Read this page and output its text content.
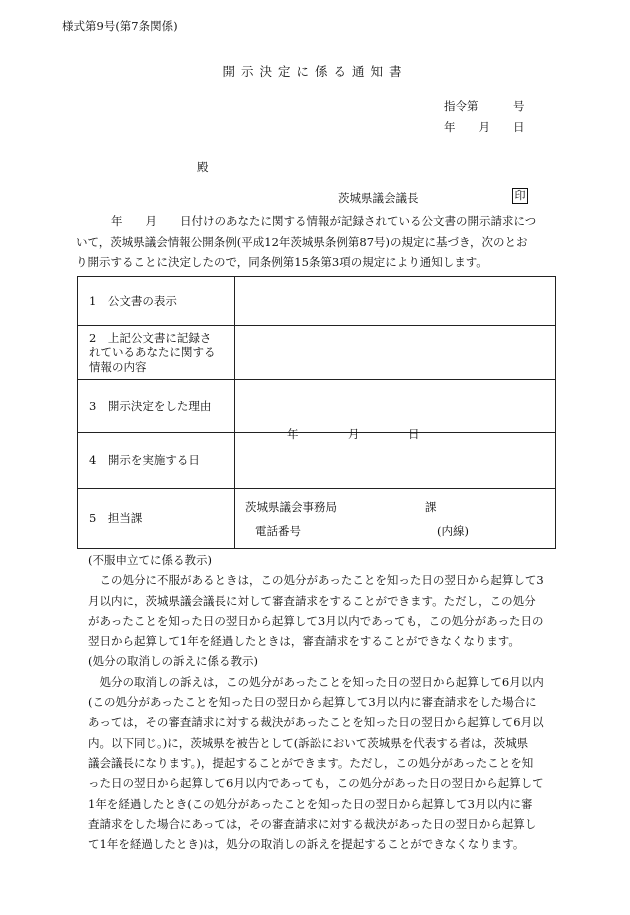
様式第9号(第7条関係)
開示決定に係る通知書
指令第　　　号
年　　月　　日
殿
茨城県議会議長	印

　　年　　月　　日付けのあなたに関する情報が記録されている公文書の開示請求につ

いて，茨城県議会情報公開条例(平成12年茨城県条例第87号)の規定に基づき，次のとお

り開示することに決定したので，同条例第15条第3項の規定により通知します。

1　公文書の表示	

2　上記公文書に記録さ
れているあなたに関する
情報の内容	

3　開示決定をした理由	
4　開示を実施する日	年 月 日

5　担当課	茨城県議会事務局 課
電話番号 (内線)

(不服申立てに係る教示)

　この処分に不服があるときは，この処分があったことを知った日の翌日から起算して3

月以内に，茨城県議会議長に対して審査請求をすることができます。ただし，この処分

があったことを知った日の翌日から起算して3月以内であっても，この処分があった日の

翌日から起算して1年を経過したときは，審査請求をすることができなくなります。

(処分の取消しの訴えに係る教示)

　処分の取消しの訴えは，この処分があったことを知った日の翌日から起算して6月以内

(この処分があったことを知った日の翌日から起算して3月以内に審査請求をした場合に

あっては，その審査請求に対する裁決があったことを知った日の翌日から起算して6月以

内。以下同じ。)に，茨城県を被告として(訴訟において茨城県を代表する者は，茨城県

議会議長になります。)，提起することができます。ただし，この処分があったことを知

った日の翌日から起算して6月以内であっても，この処分があった日の翌日から起算して

1年を経過したとき(この処分があったことを知った日の翌日から起算して3月以内に審

査請求をした場合にあっては，その審査請求に対する裁決があった日の翌日から起算し

て1年を経過したとき)は，処分の取消しの訴えを提起することができなくなります。
